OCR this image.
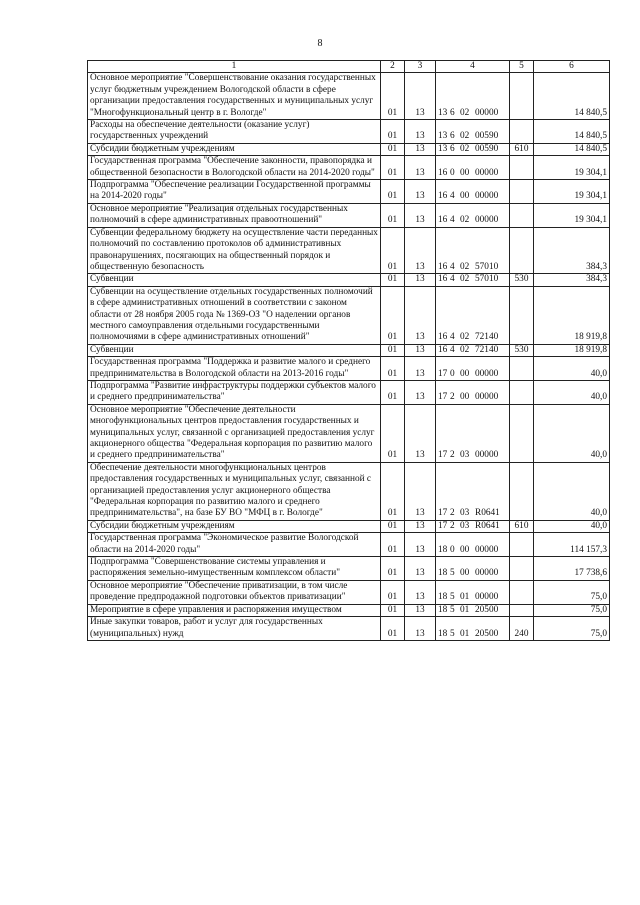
8
1	2	3	4	5	6
Основное мероприятие "Совершенствование оказания государственных услуг бюджетным учреждением Вологодской области в сфере организации предоставления государственных и муниципальных услуг "Многофункциональный центр в г. Вологде"	01	13	13 6 02 00000		14 840,5
Расходы на обеспечение деятельности (оказание услуг) государственных учреждений	01	13	13 6 02 00590		14 840,5
Субсидии бюджетным учреждениям	01	13	13 6 02 00590	610	14 840,5
Государственная программа "Обеспечение законности, правопорядка и общественной безопасности в Вологодской области на 2014-2020 годы"	01	13	16 0 00 00000		19 304,1
Подпрограмма "Обеспечение реализации Государственной программы на 2014-2020 годы"	01	13	16 4 00 00000		19 304,1
Основное мероприятие "Реализация отдельных государственных полномочий в сфере административных правоотношений"	01	13	16 4 02 00000		19 304,1
Субвенции федеральному бюджету на осуществление части переданных полномочий по составлению протоколов об административных правонарушениях, посягающих на общественный порядок и общественную безопасность	01	13	16 4 02 57010		384,3
Субвенции	01	13	16 4 02 57010	530	384,3
Субвенции на осуществление отдельных государственных полномочий в сфере административных отношений в соответствии с законом области от 28 ноября 2005 года № 1369-ОЗ "О наделении органов местного самоуправления отдельными государственными полномочиями в сфере административных отношений"	01	13	16 4 02 72140		18 919,8
Субвенции	01	13	16 4 02 72140	530	18 919,8
Государственная программа "Поддержка и развитие малого и среднего предпринимательства в Вологодской области на 2013-2016 годы"	01	13	17 0 00 00000		40,0
Подпрограмма "Развитие инфраструктуры поддержки субъектов малого и среднего предпринимательства"	01	13	17 2 00 00000		40,0
Основное мероприятие "Обеспечение деятельности многофункциональных центров предоставления государственных и муниципальных услуг, связанной с организацией предоставления услуг акционерного общества "Федеральная корпорация по развитию малого и среднего предпринимательства"	01	13	17 2 03 00000		40,0
Обеспечение деятельности многофункциональных центров предоставления государственных и муниципальных услуг, связанной с организацией предоставления услуг акционерного общества "Федеральная корпорация по развитию малого и среднего предпринимательства", на базе БУ ВО "МФЦ в г. Вологде"	01	13	17 2 03 R0641		40,0
Субсидии бюджетным учреждениям	01	13	17 2 03 R0641	610	40,0
Государственная программа "Экономическое развитие Вологодской области на 2014-2020 годы"	01	13	18 0 00 00000		114 157,3
Подпрограмма "Совершенствование системы управления и распоряжения земельно-имущественным комплексом области"	01	13	18 5 00 00000		17 738,6
Основное мероприятие "Обеспечение приватизации, в том числе проведение предпродажной подготовки объектов приватизации"	01	13	18 5 01 00000		75,0
Мероприятие в сфере управления и распоряжения имуществом	01	13	18 5 01 20500		75,0
Иные закупки товаров, работ и услуг для государственных (муниципальных) нужд	01	13	18 5 01 20500	240	75,0
